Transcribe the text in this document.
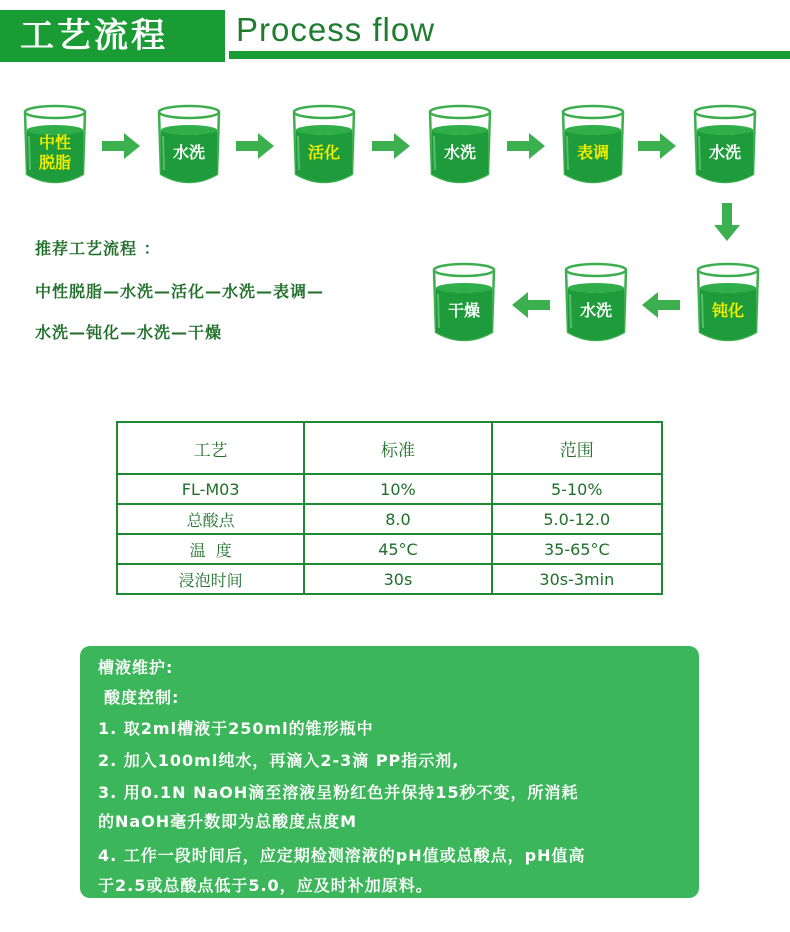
工艺流程	Process flow
中性
脱脂
水洗	活化	水洗	表调	水洗
钝化
水洗
干燥
推荐工艺流程 ：
中性脱脂—水洗—活化—水洗—表调—
水洗—钝化—水洗—干燥
工艺	标准	范围
FL-M03	10%	5-10%
总酸点	8.0	5.0-12.0
温  度	45°C	35-65°C
浸泡时间	30s	30s-3min
槽液维护:
酸度控制:
1. 取2ml槽液于250ml的锥形瓶中
2. 加入100ml纯水，再滴入2-3滴 PP指示剂,
3. 用0.1N NaOH滴至溶液呈粉红色并保持15秒不变，所消耗
的NaOH毫升数即为总酸度点度M
4. 工作一段时间后，应定期检测溶液的pH值或总酸点，pH值高
于2.5或总酸点低于5.0，应及时补加原料。
